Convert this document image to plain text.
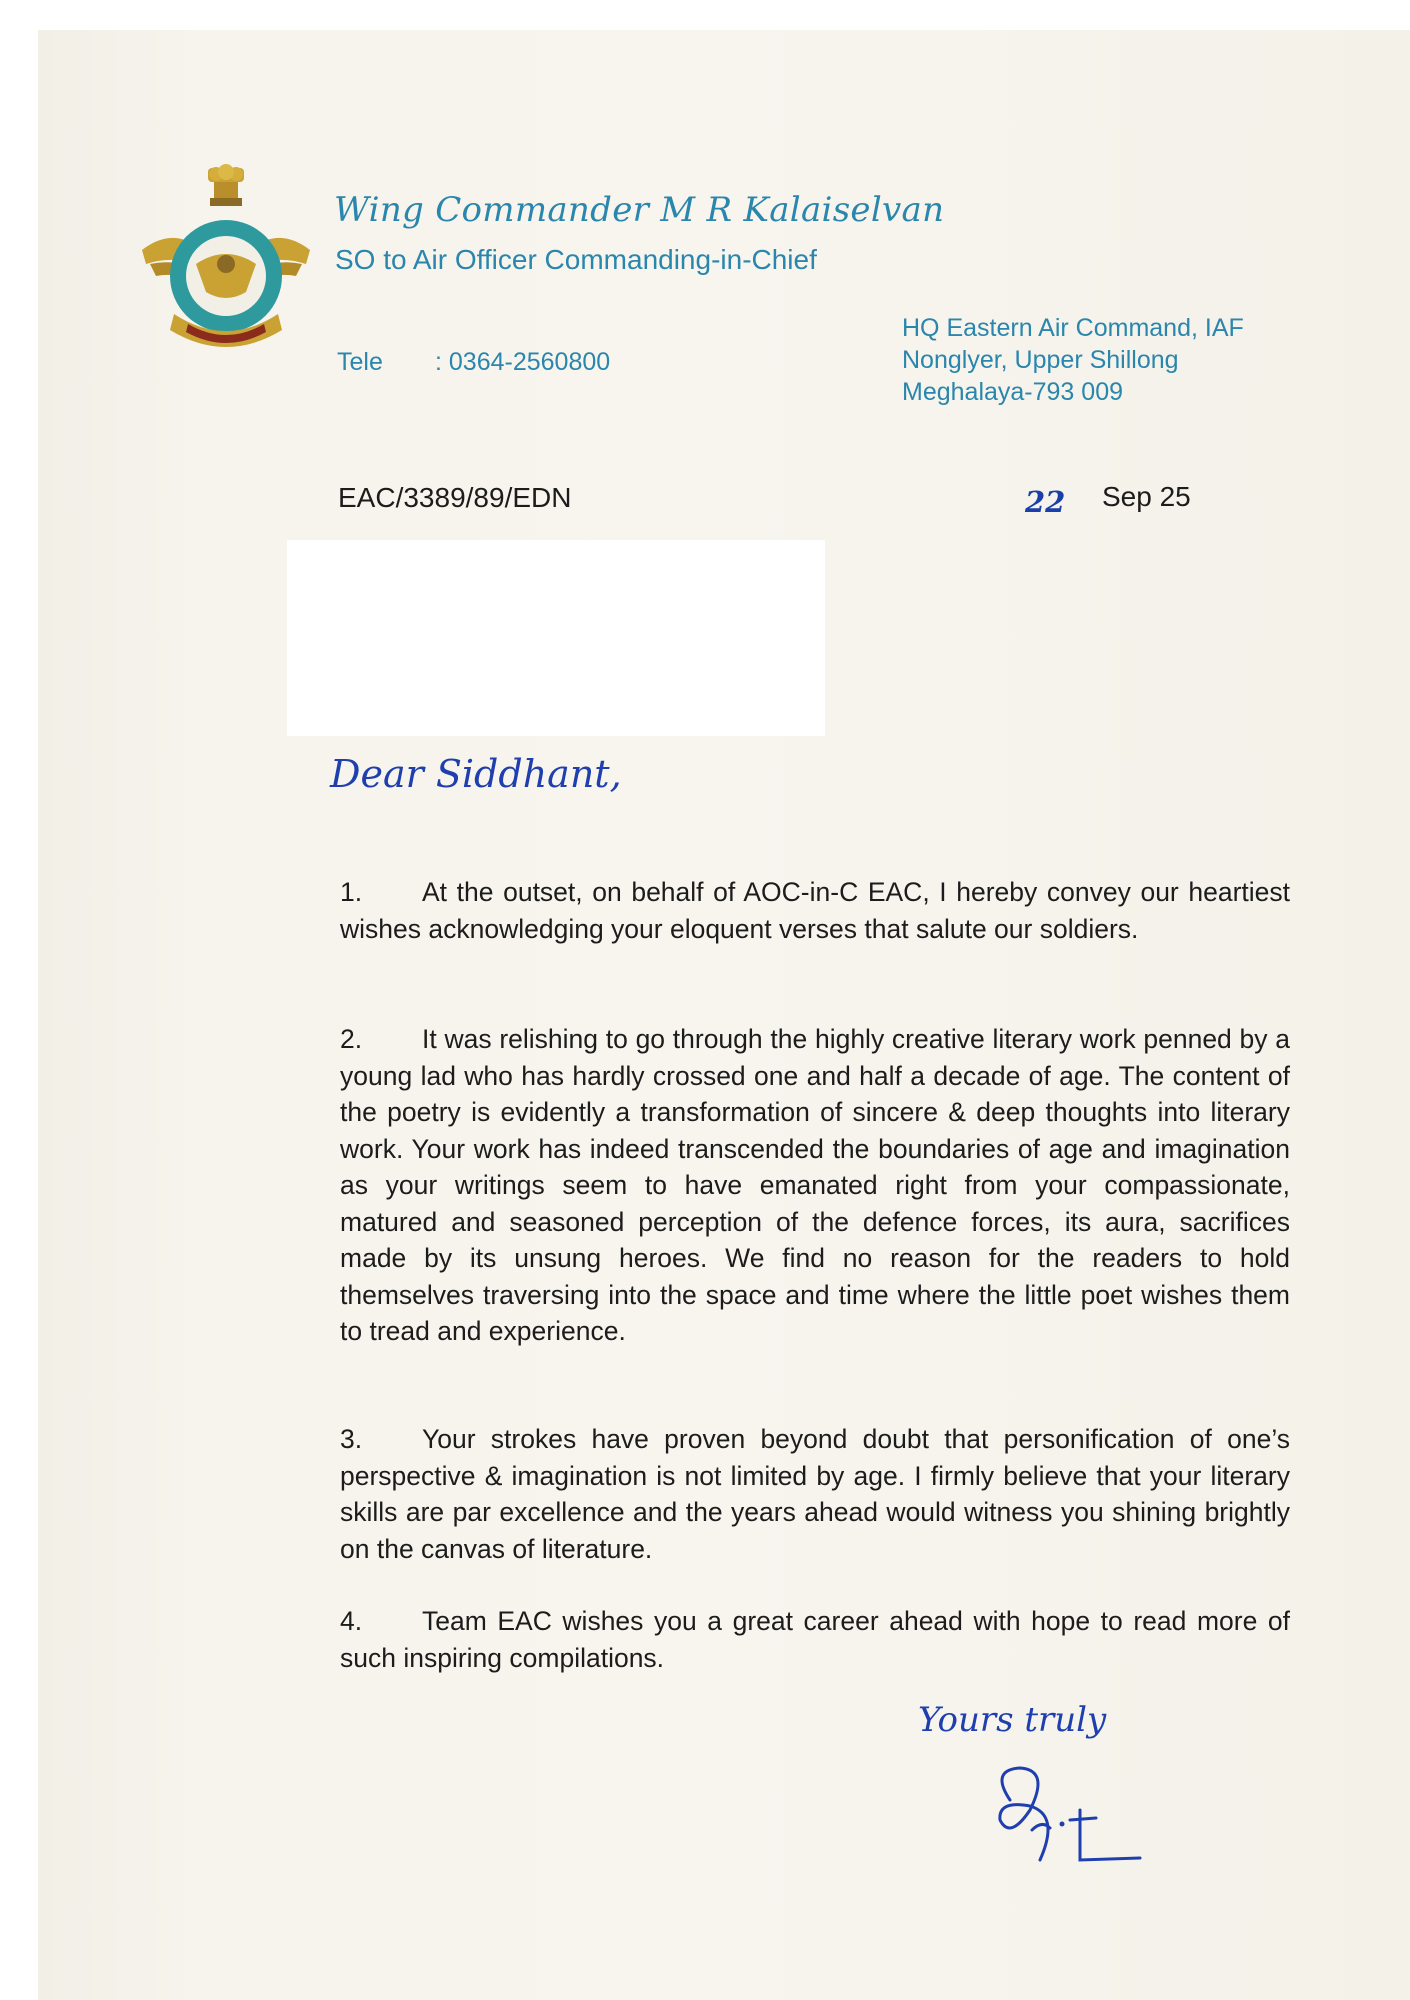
Wing Commander M R Kalaiselvan
SO to Air Officer Commanding-in-Chief
Tele : 0364-2560800
HQ Eastern Air Command, IAF
Nonglyer, Upper Shillong
Meghalaya-793 009
EAC/3389/89/EDN	22 Sep 25
Dear Siddhant,
1. At the outset, on behalf of AOC-in-C EAC, I hereby convey our heartiest wishes acknowledging your eloquent verses that salute our soldiers.
2. It was relishing to go through the highly creative literary work penned by a young lad who has hardly crossed one and half a decade of age. The content of the poetry is evidently a transformation of sincere & deep thoughts into literary work. Your work has indeed transcended the boundaries of age and imagination as your writings seem to have emanated right from your compassionate, matured and seasoned perception of the defence forces, its aura, sacrifices made by its unsung heroes. We find no reason for the readers to hold themselves traversing into the space and time where the little poet wishes them to tread and experience.
3. Your strokes have proven beyond doubt that personification of one’s perspective & imagination is not limited by age. I firmly believe that your literary skills are par excellence and the years ahead would witness you shining brightly on the canvas of literature.
4. Team EAC wishes you a great career ahead with hope to read more of such inspiring compilations.
Yours truly
